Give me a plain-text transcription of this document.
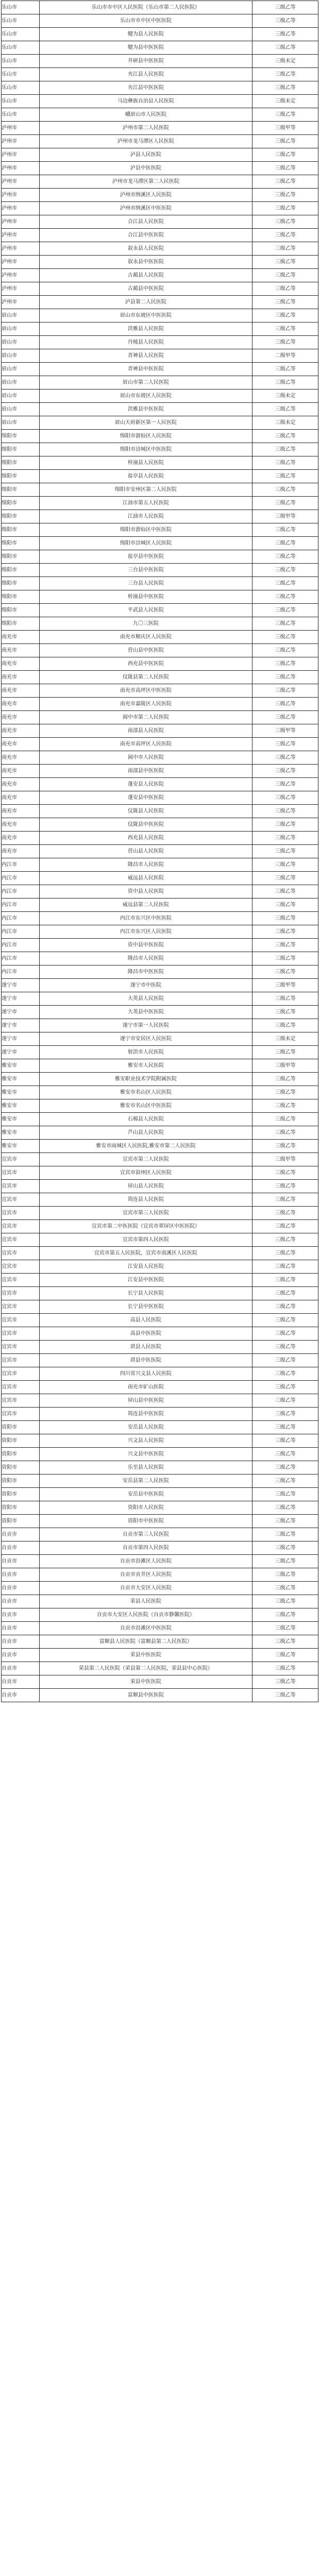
乐山市	乐山市市中区人民医院（乐山市第二人民医院）	三级乙等
乐山市	乐山市市中区中医医院	三级乙等
乐山市	犍为县人民医院	三级乙等
乐山市	犍为县中医医院	三级乙等
乐山市	井研县中医医院	三级未定
乐山市	夹江县人民医院	三级乙等
乐山市	夹江县中医医院	三级乙等
乐山市	马边彝族自治县人民医院	三级未定
乐山市	峨眉山市人民医院	三级乙等
泸州市	泸州市第二人民医院	三级甲等
泸州市	泸州市龙马潭区人民医院	三级乙等
泸州市	泸县人民医院	三级乙等
泸州市	泸县中医医院	三级乙等
泸州市	泸州市龙马潭区第二人民医院	三级乙等
泸州市	泸州市纳溪区人民医院	三级乙等
泸州市	泸州市纳溪区中医医院	三级乙等
泸州市	合江县人民医院	三级乙等
泸州市	合江县中医医院	三级乙等
泸州市	叙永县人民医院	三级乙等
泸州市	叙永县中医医院	三级乙等
泸州市	古蔺县人民医院	三级乙等
泸州市	古蔺县中医医院	三级乙等
泸州市	泸县第二人民医院	三级乙等
眉山市	眉山市东坡区中医医院	三级乙等
眉山市	洪雅县人民医院	三级乙等
眉山市	丹棱县人民医院	三级乙等
眉山市	青神县人民医院	二级甲等
眉山市	青神县中医医院	三级乙等
眉山市	眉山市第二人民医院	三级乙等
眉山市	眉山市东坡区人民医院	三级未定
眉山市	洪雅县中医医院	三级乙等
眉山市	眉山天府新区第一人民医院	三级未定
绵阳市	绵阳市游仙区人民医院	三级乙等
绵阳市	绵阳市涪城区中医医院	三级乙等
绵阳市	梓潼县人民医院	三级乙等
绵阳市	盐亭县人民医院	三级乙等
绵阳市	绵阳市安州区第二人民医院	三级乙等
绵阳市	江油市第五人民医院	三级乙等
绵阳市	江油市人民医院	三级甲等
绵阳市	绵阳市游仙区中医医院	三级乙等
绵阳市	绵阳市涪城区人民医院	三级乙等
绵阳市	盐亭县中医医院	三级乙等
绵阳市	三台县中医医院	三级乙等
绵阳市	三台县人民医院	三级乙等
绵阳市	梓潼县中医医院	三级乙等
绵阳市	平武县人民医院	三级乙等
绵阳市	九〇三医院	三级乙等
南充市	南充市顺庆区人民医院	三级乙等
南充市	营山县中医医院	三级乙等
南充市	西充县中医医院	三级乙等
南充市	仪陇县第二人民医院	三级乙等
南充市	南充市高坪区中医医院	三级乙等
南充市	南充市嘉陵区人民医院	三级乙等
南充市	阆中市第二人民医院	三级乙等
南充市	南部县人民医院	三级甲等
南充市	南充市高坪区人民医院	三级乙等
南充市	阆中市人民医院	三级乙等
南充市	南部县中医医院	三级乙等
南充市	蓬安县人民医院	三级乙等
南充市	蓬安县中医医院	三级乙等
南充市	仪陇县人民医院	三级乙等
南充市	仪陇县中医医院	三级乙等
南充市	西充县人民医院	三级乙等
南充市	营山县人民医院	三级乙等
内江市	隆昌市人民医院	三级乙等
内江市	威远县人民医院	三级乙等
内江市	资中县人民医院	三级乙等
内江市	威远县第二人民医院	三级乙等
内江市	内江市东兴区中医医院	三级乙等
内江市	内江市东兴区人民医院	三级乙等
内江市	资中县中医医院	三级乙等
内江市	隆昌市人民医院	三级乙等
内江市	隆昌市中医医院	三级乙等
遂宁市	遂宁市中医院	三级甲等
遂宁市	大英县人民医院	三级乙等
遂宁市	大英县中医医院	三级乙等
遂宁市	遂宁市第一人民医院	三级乙等
遂宁市	遂宁市安居区人民医院	三级未定
遂宁市	射洪市人民医院	三级乙等
雅安市	雅安市人民医院	三级甲等
雅安市	雅安职业技术学院附属医院	三级乙等
雅安市	雅安市名山区人民医院	三级乙等
雅安市	雅安市名山区中医医院	三级乙等
雅安市	石棉县人民医院	三级乙等
雅安市	芦山县人民医院	三级乙等
雅安市	雅安市雨城区人民医院,雅安市第二人民医院	三级乙等
宜宾市	宜宾市第二人民医院	三级甲等
宜宾市	宜宾市叙州区人民医院	三级乙等
宜宾市	屏山县人民医院	三级乙等
宜宾市	筠连县人民医院	三级乙等
宜宾市	宜宾市第三人民医院	三级乙等
宜宾市	宜宾市第二中医医院（宜宾市翠屏区中医医院）	三级乙等
宜宾市	宜宾市第四人民医院	三级乙等
宜宾市	宜宾市第五人民医院，宜宾市南溪区人民医院	三级乙等
宜宾市	江安县人民医院	三级乙等
宜宾市	江安县中医医院	三级乙等
宜宾市	长宁县人民医院	三级乙等
宜宾市	长宁县中医医院	三级乙等
宜宾市	高县人民医院	三级乙等
宜宾市	高县中医医院	三级乙等
宜宾市	珙县人民医院	三级乙等
宜宾市	珙县中医医院	三级乙等
宜宾市	四川省兴文县人民医院	三级乙等
宜宾市	南充市矿山医院	三级乙等
宜宾市	屏山县中医医院	三级乙等
宜宾市	筠连县中医医院	三级乙等
资阳市	安岳县人民医院	三级乙等
资阳市	兴文县人民医院	三级乙等
资阳市	兴文县中医医院	三级乙等
资阳市	乐至县人民医院	三级乙等
资阳市	安岳县第二人民医院	三级乙等
资阳市	安岳县中医医院	三级乙等
资阳市	资阳市人民医院	三级乙等
资阳市	资阳市中医医院	三级乙等
自贡市	自贡市第三人民医院	三级乙等
自贡市	自贡市第四人民医院	三级乙等
自贡市	自贡市沿滩区人民医院	三级乙等
自贡市	自贡市贡井区人民医院	三级乙等
自贡市	自贡市大安区人民医院	三级乙等
自贡市	荣县人民医院	三级乙等
自贡市	自贡市大安区人民医院（自贡市静馨医院）	三级乙等
自贡市	自贡市沿滩区中医医院	三级乙等
自贡市	富顺县人民医院（富顺县第二人民医院）	三级乙等
自贡市	荣县中医医院	三级乙等
自贡市	荣县第二人民医院（荣县第二人民医院，荣县县中心医院）	三级乙等
自贡市	荣县中医医院	三级乙等
自贡市	富顺县中医医院	三级乙等
